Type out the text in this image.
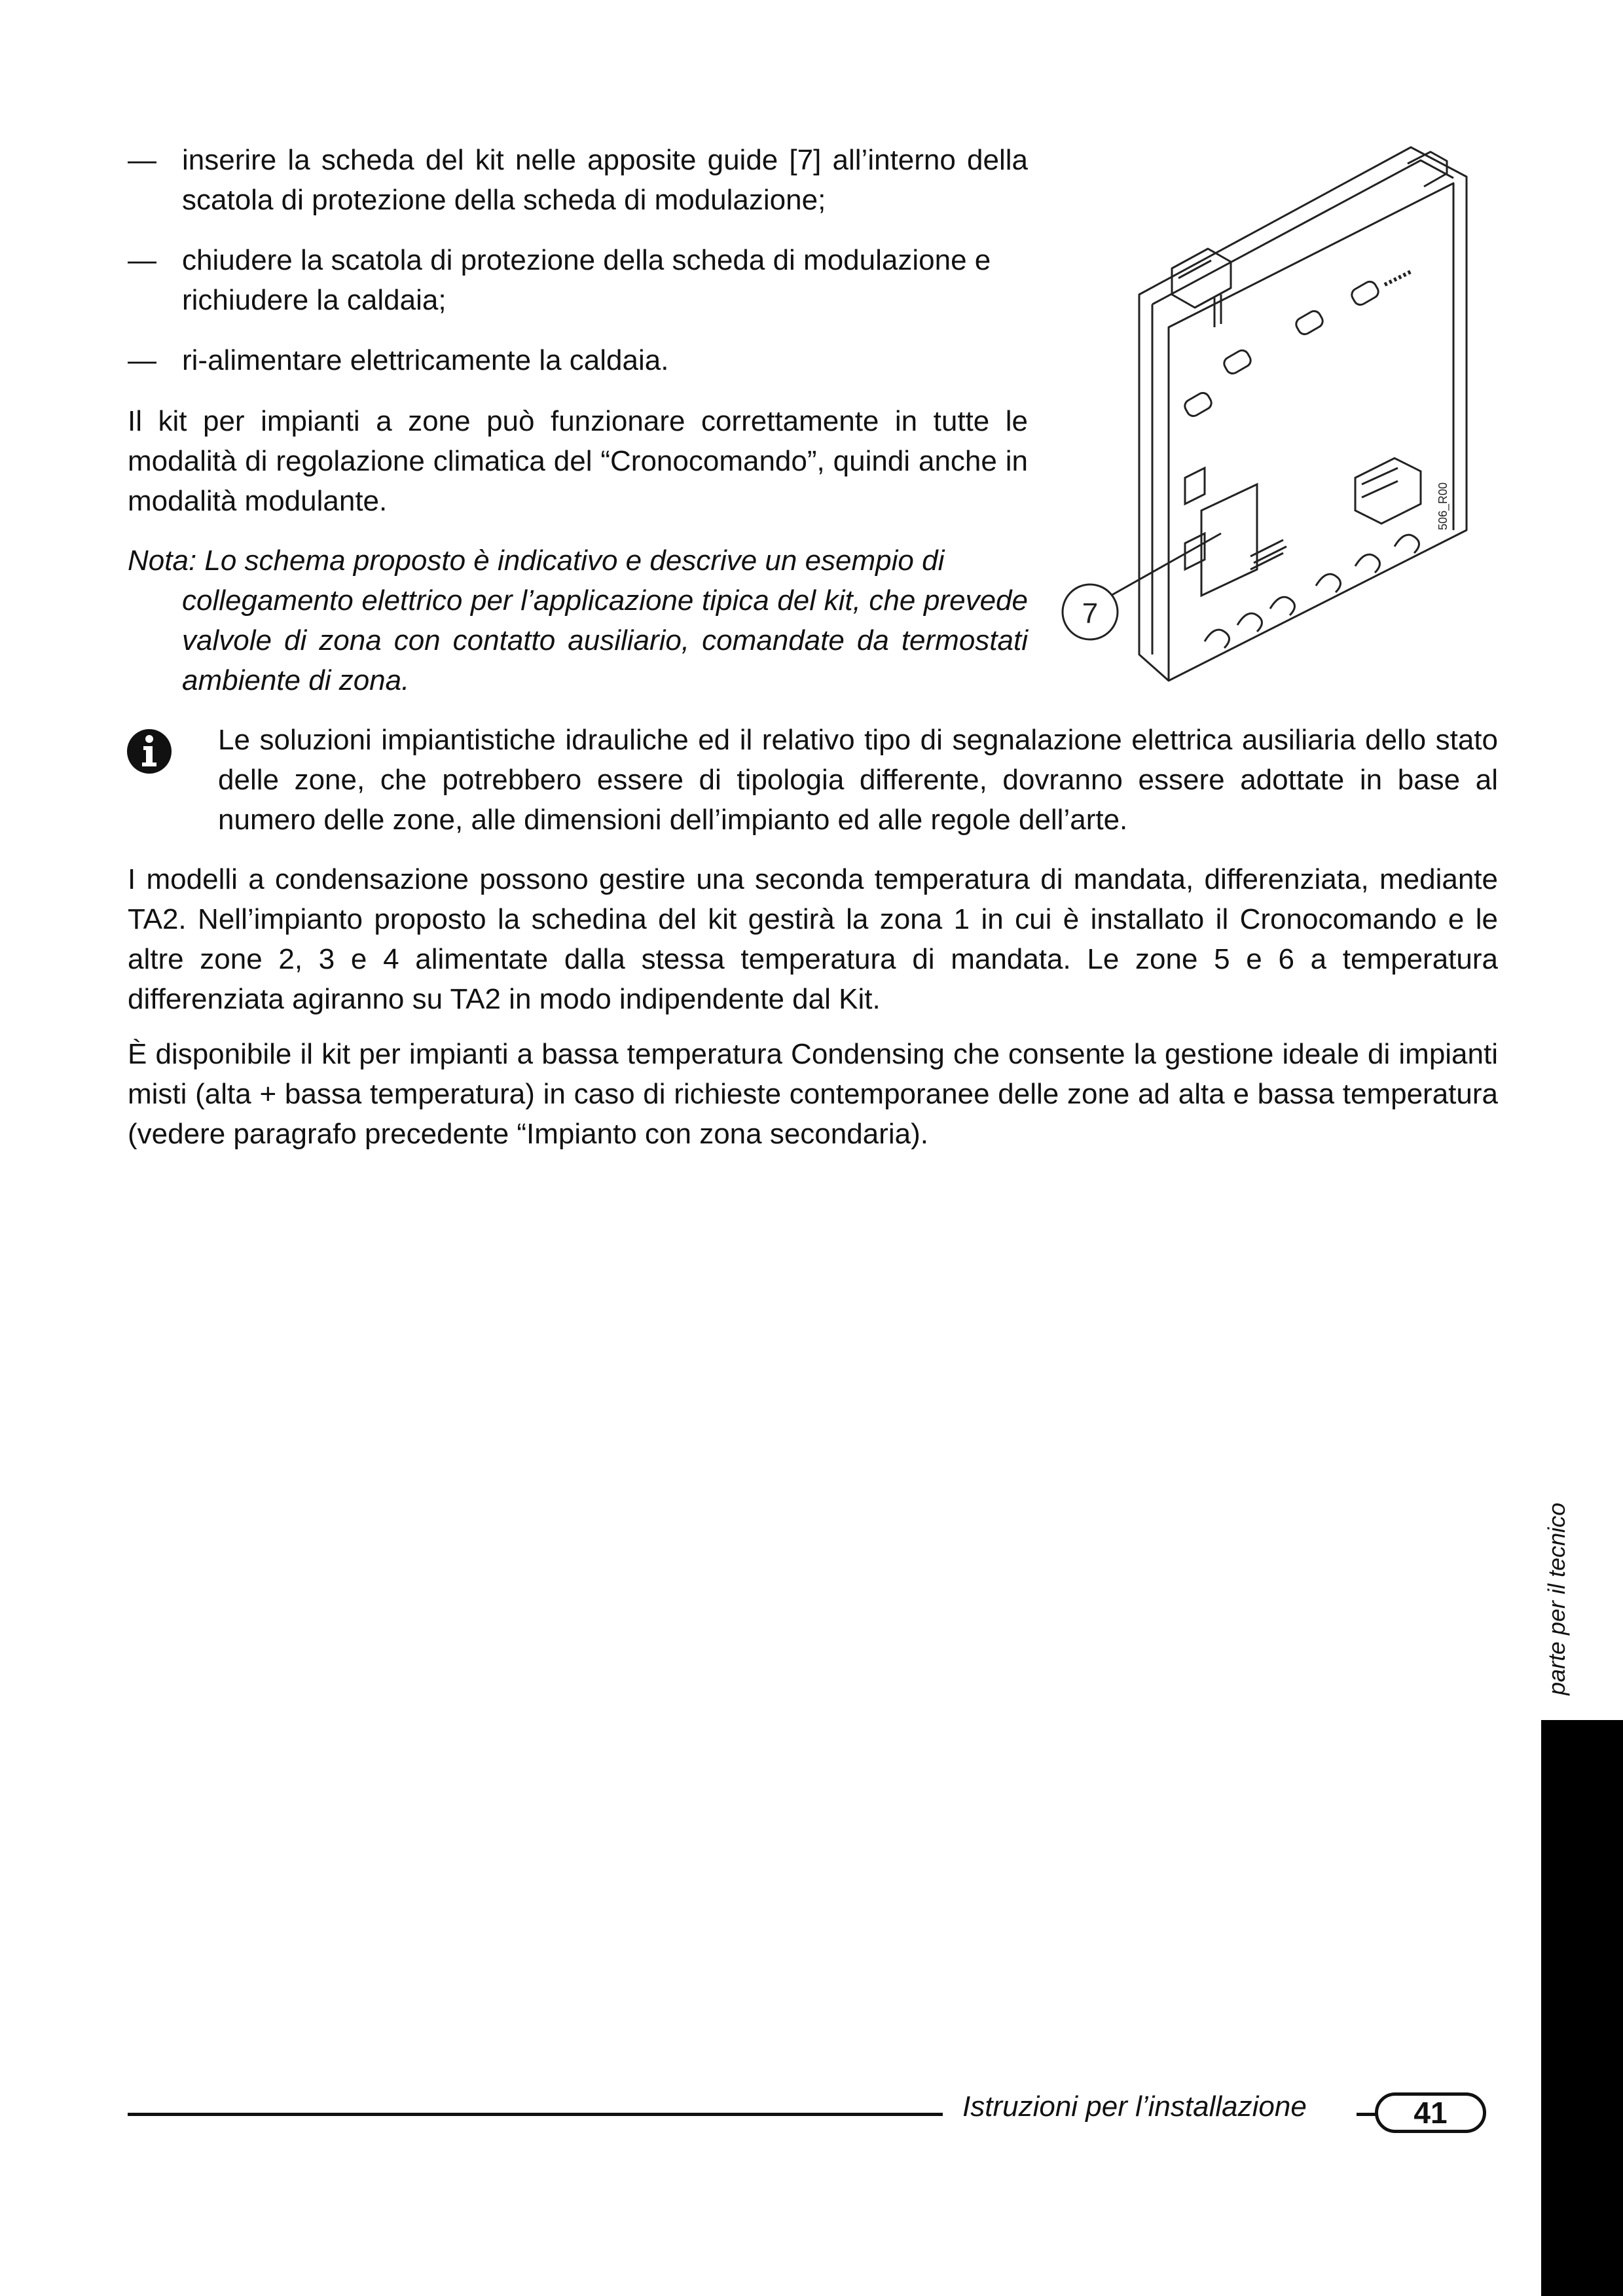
— inserire la scheda del kit nelle apposite guide [7] all’interno della scatola di protezione della scheda di modulazione;
— chiudere la scatola di protezione della scheda di modulazione e richiudere la caldaia;
— ri-alimentare elettricamente la caldaia.
Il kit per impianti a zone può funzionare correttamente in tutte le modalità di regolazione climatica del “Cronocomando”, quindi anche in modalità modulante.
Nota: Lo schema proposto è indicativo e descrive un esempio di
collegamento elettrico per l’applicazione tipica del kit, che prevede valvole di zona con contatto ausiliario, comandate da termostati ambiente di zona.
7
506_R00
Le soluzioni impiantistiche idrauliche ed il relativo tipo di segnalazione elettrica ausiliaria dello stato delle zone, che potrebbero essere di tipologia differente, dovranno essere adottate in base al numero delle zone, alle dimensioni dell’impianto ed alle regole dell’arte.
I modelli a condensazione possono gestire una seconda temperatura di mandata, differenziata, mediante TA2. Nell’impianto proposto la schedina del kit gestirà la zona 1 in cui è installato il Cronocomando e le altre zone 2, 3 e 4 alimentate dalla stessa temperatura di mandata. Le zone 5 e 6 a temperatura differenziata agiranno su TA2 in modo indipendente dal Kit.
È disponibile il kit per impianti a bassa temperatura Condensing che consente la gestione ideale di impianti misti (alta + bassa temperatura) in caso di richieste contemporanee delle zone ad alta e bassa temperatura (vedere paragrafo precedente “Impianto con zona secondaria).
parte per il tecnico
Istruzioni per l’installazione	41
